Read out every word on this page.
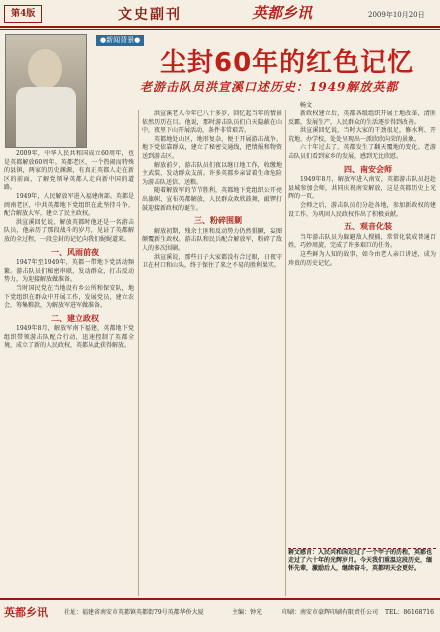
第4版	文史副刊	英都乡讯	2009年10月20日
●新闻背景●
尘封60年的红色记忆
老游击队员洪宣溪口述历史：1949解放英都
畅文

2009年，中华人民共和国成立60周年，也是英都解放60周年。英都老区，一个热闹而特殊的县镇，两家的历史渊源，有真正英都人走在新区的前面，了解党领导英都人走向新中国的道路。

1949年，人民解放军进入福建南部。英都是闽南老区，中共英都地下党组织在此坚持斗争，配合解放大军，建立了民主政权。

洪宣溪回忆说，解放英都时他还是一名游击队员，他亲历了那段战斗的岁月，见证了英都解放的全过程，一段尘封的记忆向我们娓娓道来。

一、风雨前夜

1947年至1949年，英都一带地下党活动频繁。游击队员们秘密串联，发动群众，打击反动势力，为迎接解放做准备。

当时国民党在当地设有乡公所和保安队，地下党组织在群众中开展工作，发展党员，建立农会，筹集粮款，为解放军进军做准备。

二、建立政权

1949年8月，解放军南下福建，英都地下党组织带领游击队配合行动，迅速控制了英都全境，成立了新的人民政权，英都从此获得解放。

洪宣溪老人今年已八十多岁，回忆起当年的情景依然历历在目。他说，那时游击队员们白天隐蔽在山中，夜里下山开展活动，条件非常艰苦。

英都地处山区，地形复杂，便于开展游击战争。地下党依靠群众，建立了秘密交通线，把情报和物资送到游击区。

解放前夕，游击队员们夜以继日地工作，收缴地主武装，发动群众支前。许多英都乡亲冒着生命危险为游击队送信、送粮。

随着解放军的节节胜利，英都地下党组织公开亮出旗帜，宣布英都解放，人民群众欢欣鼓舞，敲锣打鼓迎接新政权的诞生。

三、粉碎围剿

解放初期，残余土匪和反动势力仍然猖獗，妄图颠覆新生政权。游击队和民兵配合解放军，粉碎了敌人的多次围剿。

洪宣溪说，那些日子大家都没有合过眼，日夜守卫在村口和山头，终于保住了来之不易的胜利果实。

新政权建立后，英都各级组织开展土地改革，清匪反霸，发展生产，人民群众的生活逐步得到改善。

洪宣溪回忆说，当时大家的干劲很足，修水利、开荒地、办学校，处处呈现出一派欣欣向荣的景象。

六十年过去了，英都发生了翻天覆地的变化。老游击队员们看到家乡的发展，感到无比欣慰。

四、南安会师

1949年8月，解放军进入南安，英都游击队员赶赴县城参加会师，共同庆祝南安解放，这是英都历史上光辉的一页。

会师之后，游击队员们分赴各地，参加新政权的建设工作，为巩固人民政权作出了积极贡献。

五、观音化装

当年游击队员为躲避敌人搜捕，常常化装成普通百姓，巧妙周旋，完成了许多艰巨的任务。

这些鲜为人知的故事，如今由老人亲口讲述，成为珍贵的历史记忆。

耕文感言：人民共和国走过了一个甲子的历程，英都也走过了六十年的光辉岁月。今天我们重温这段历史，缅怀先辈，激励后人，继续奋斗，英都明天会更好。
英都乡讯	社址：福建省南安市英都镇英都街79号英都华侨大厦	主编：钟光	印刷：南安市豪辉印刷有限责任公司 TEL：86168716
